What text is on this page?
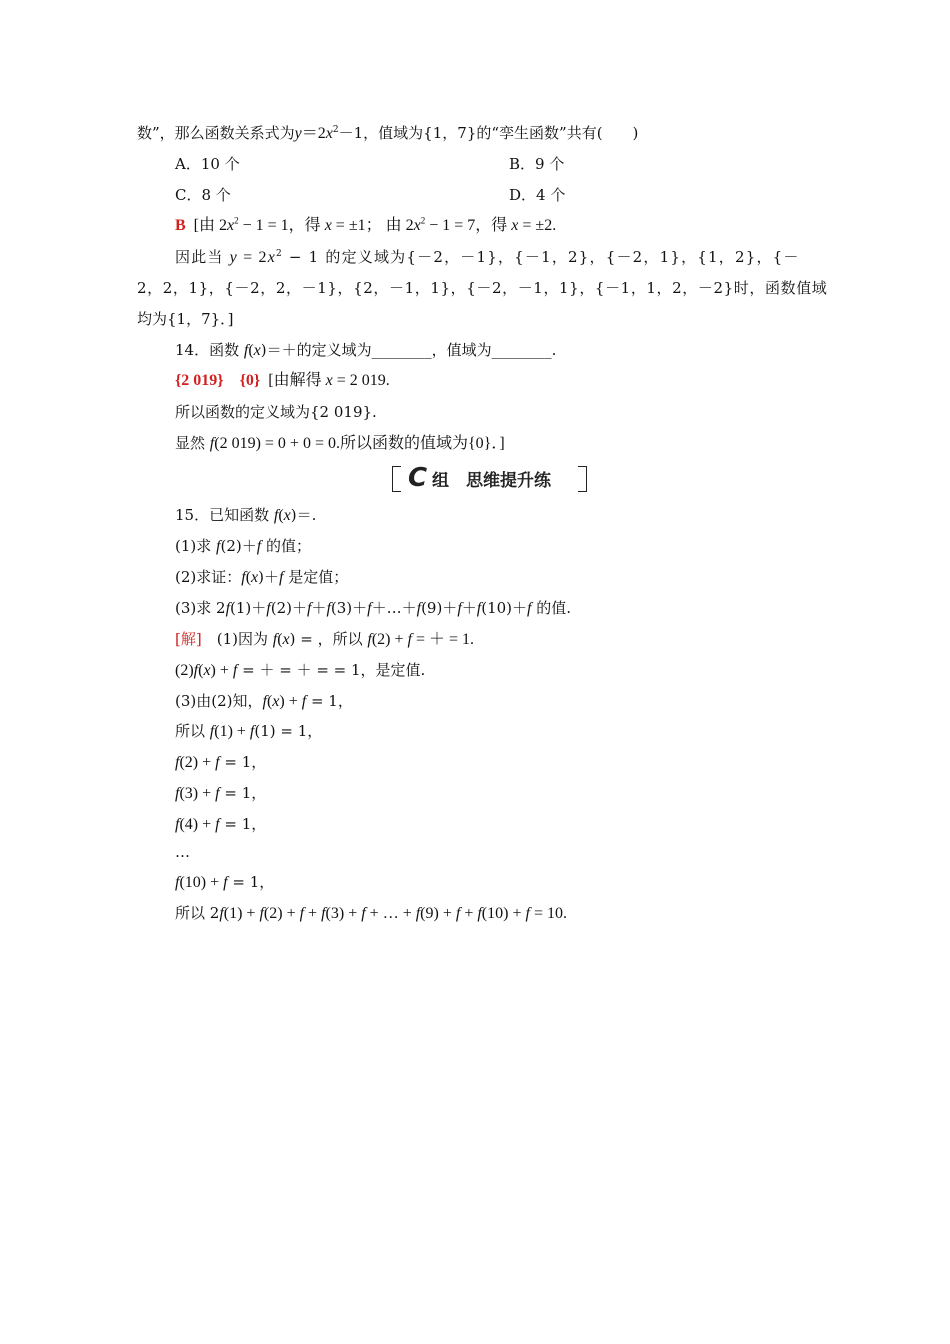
数”，那么函数关系式为$y=2x^2-1$，值域为{1，7}的“孪生函数”共有(　　)
A．10 个	B．9 个
C．8 个	D．4 个
B [由 $2x^2 - 1 = 1$，得 x = ±1； 由 $2x^2 - 1 = 7$，得 x = ±2.
因此当 $y = 2x^2 - 1$ 的定义域为{－2，－1}，{－1，2}，{－2，1}，{1，2}，{－
2，2，1}，{－2，2，－1}，{2，－1，1}，{－2，－1，1}，{－1，1，2，－2}时，函数值域
均为{1，7}．]
14．函数 f(x)＝＋的定义域为________，值域为________.
{2 019}　{0} [由解得 x = 2 019.
所以函数的定义域为{2 019}.
显然 f(2 019) = 0 + 0 = 0.所以函数的值域为{0}．]
C 组　思维提升练
15．已知函数 f(x)＝.
(1)求 f(2)＋f 的值；
(2)求证：f(x)＋f 是定值；
(3)求 2f(1)＋f(2)＋f＋f(3)＋f＋…＋f(9)＋f＋f(10)＋f 的值.
[解]　(1)因为 f(x) = ，所以 f(2) + f = ＋ = 1.
(2)f(x) + f = ＋ = ＋ = = 1，是定值.
(3)由(2)知，f(x) + f = 1，
所以 f(1) + f(1) = 1，
f(2) + f = 1，
f(3) + f = 1，
f(4) + f = 1，
…
f(10) + f = 1，
所以 2f(1) + f(2) + f + f(3) + f + … + f(9) + f + f(10) + f = 10.
